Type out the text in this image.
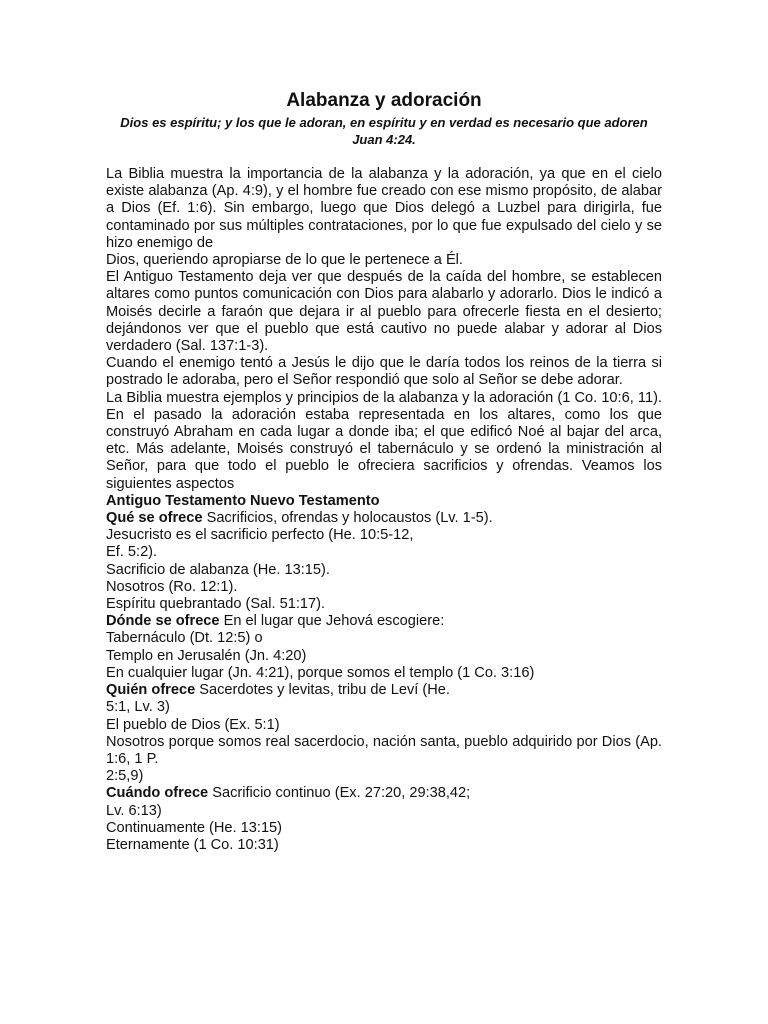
Alabanza y adoración
Dios es espíritu; y los que le adoran, en espíritu y en verdad es necesario que adoren
Juan 4:24.
La Biblia muestra la importancia de la alabanza y la adoración, ya que en el cielo existe alabanza (Ap. 4:9), y el hombre fue creado con ese mismo propósito, de alabar a Dios (Ef. 1:6). Sin embargo, luego que Dios delegó a Luzbel para dirigirla, fue contaminado por sus múltiples contrataciones, por lo que fue expulsado del cielo y se hizo enemigo de
Dios, queriendo apropiarse de lo que le pertenece a Él.
El Antiguo Testamento deja ver que después de la caída del hombre, se establecen altares como puntos comunicación con Dios para alabarlo y adorarlo. Dios le indicó a Moisés decirle a faraón que dejara ir al pueblo para ofrecerle fiesta en el desierto; dejándonos ver que el pueblo que está cautivo no puede alabar y adorar al Dios verdadero (Sal. 137:1-3).
Cuando el enemigo tentó a Jesús le dijo que le daría todos los reinos de la tierra si postrado le adoraba, pero el Señor respondió que solo al Señor se debe adorar.
La Biblia muestra ejemplos y principios de la alabanza y la adoración (1 Co. 10:6, 11). En el pasado la adoración estaba representada en los altares, como los que construyó Abraham en cada lugar a donde iba; el que edificó Noé al bajar del arca, etc. Más adelante, Moisés construyó el tabernáculo y se ordenó la ministración al Señor, para que todo el pueblo le ofreciera sacrificios y ofrendas. Veamos los siguientes aspectos
Antiguo Testamento Nuevo Testamento
Qué se ofrece Sacrificios, ofrendas y holocaustos (Lv. 1-5).
Jesucristo es el sacrificio perfecto (He. 10:5-12,
Ef. 5:2).
Sacrificio de alabanza (He. 13:15).
Nosotros (Ro. 12:1).
Espíritu quebrantado (Sal. 51:17).
Dónde se ofrece En el lugar que Jehová escogiere:
Tabernáculo (Dt. 12:5) o
Templo en Jerusalén (Jn. 4:20)
En cualquier lugar (Jn. 4:21), porque somos el templo (1 Co. 3:16)
Quién ofrece Sacerdotes y levitas, tribu de Leví (He.
5:1, Lv. 3)
El pueblo de Dios (Ex. 5:1)
Nosotros porque somos real sacerdocio, nación santa, pueblo adquirido por Dios (Ap. 1:6, 1 P.
2:5,9)
Cuándo ofrece Sacrificio continuo (Ex. 27:20, 29:38,42;
Lv. 6:13)
Continuamente (He. 13:15)
Eternamente (1 Co. 10:31)
